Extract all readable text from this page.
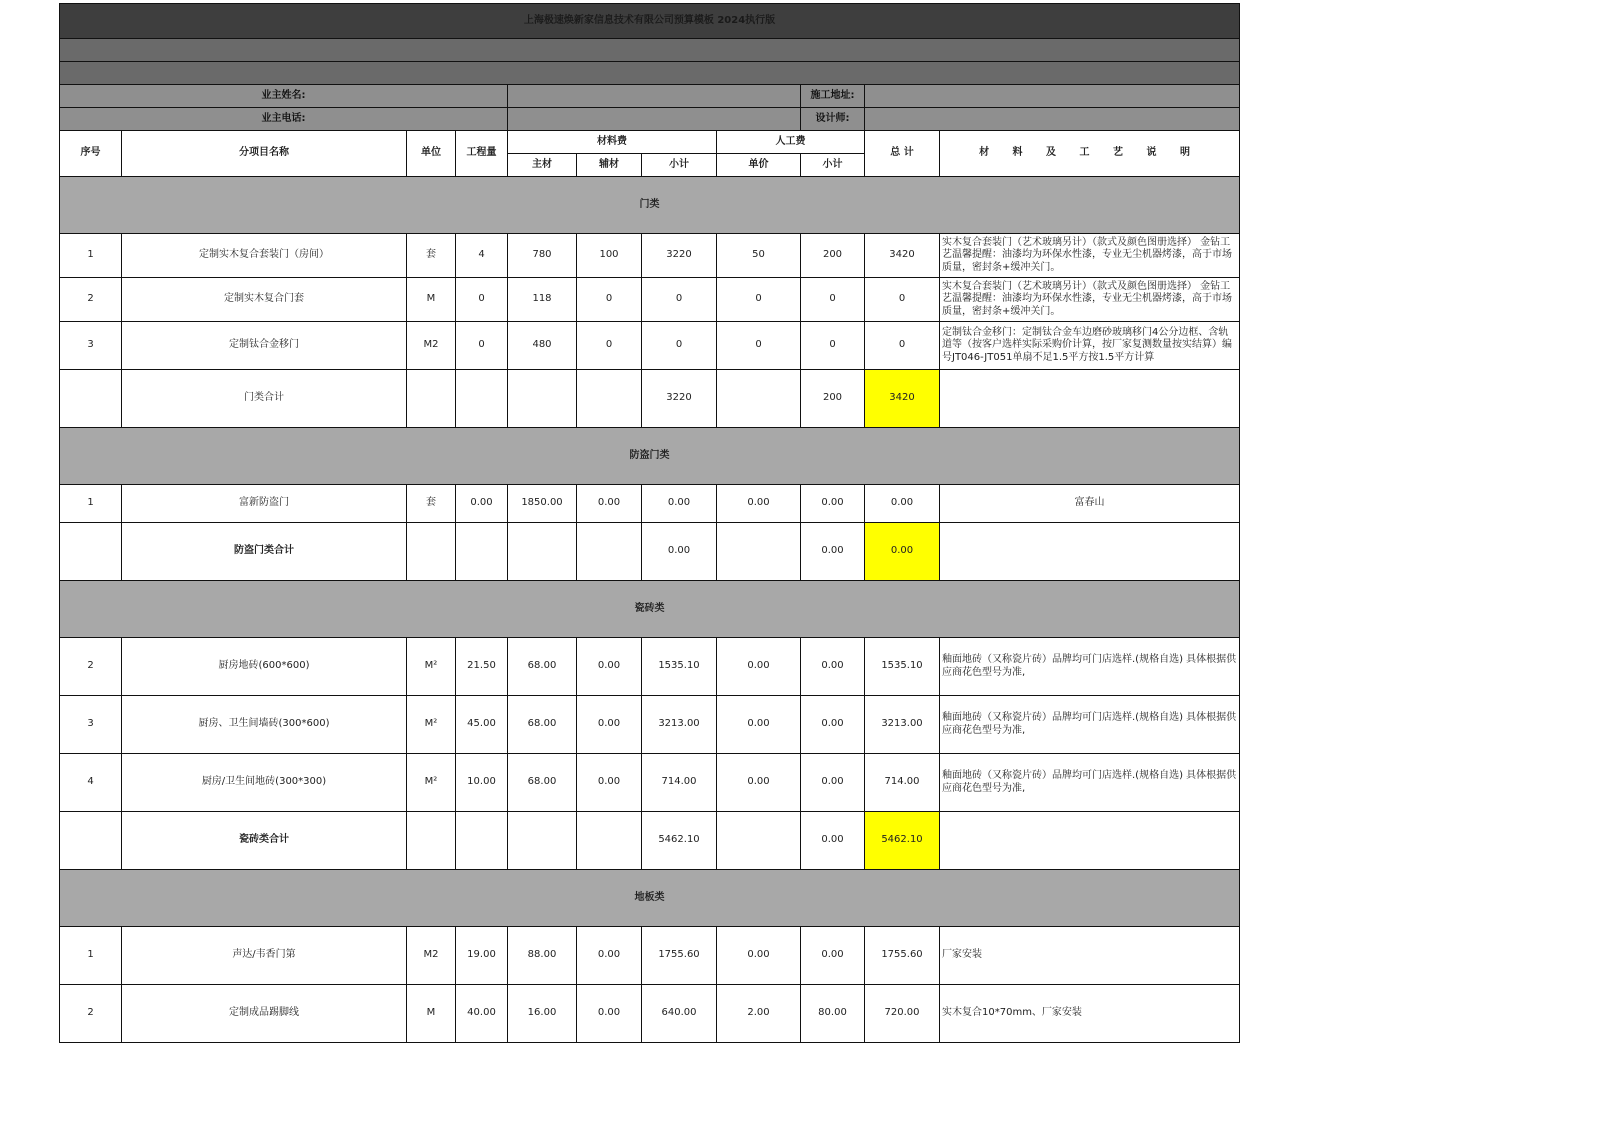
上海极速焕新家信息技术有限公司预算模板 2024执行版										

业主姓名:								施工地址:		
业主电话:								设计师:		
序号	分项目名称	单位	工程量	材料费			人工费		总 计	材 料 及 工 艺 说 明
				主材	辅材	小计	单价	小计		
门类										
1	定制实木复合套装门（房间）	套	4	780	100	3220	50	200	3420	实木复合套装门（艺术玻璃另计）（款式及颜色图册选择） 金钻工艺温馨提醒：油漆均为环保水性漆，专业无尘机器烤漆，高于市场质量，密封条+缓冲关门。
2	定制实木复合门套	M	0	118	0	0	0	0	0	实木复合套装门（艺术玻璃另计）（款式及颜色图册选择） 金钻工艺温馨提醒：油漆均为环保水性漆，专业无尘机器烤漆，高于市场质量，密封条+缓冲关门。
3	定制钛合金移门	M2	0	480	0	0	0	0	0	定制钛合金移门：定制钛合金车边磨砂玻璃移门4公分边框、含轨道等（按客户选样实际采购价计算，按厂家复测数量按实结算）编号JT046-JT051单扇不足1.5平方按1.5平方计算
	门类合计					3220		200	3420	
防盗门类										
1	富新防盗门	套	0.00	1850.00	0.00	0.00	0.00	0.00	0.00	富春山
	防盗门类合计					0.00		0.00	0.00	
瓷砖类										
2	厨房地砖(600*600)	M²	21.50	68.00	0.00	1535.10	0.00	0.00	1535.10	釉面地砖（又称瓷片砖）品牌均可门店选样.(规格自选) 具体根据供应商花色型号为准,
3	厨房、卫生间墙砖(300*600)	M²	45.00	68.00	0.00	3213.00	0.00	0.00	3213.00	釉面地砖（又称瓷片砖）品牌均可门店选样.(规格自选) 具体根据供应商花色型号为准,
4	厨房/卫生间地砖(300*300)	M²	10.00	68.00	0.00	714.00	0.00	0.00	714.00	釉面地砖（又称瓷片砖）品牌均可门店选样.(规格自选) 具体根据供应商花色型号为准,
	瓷砖类合计					5462.10		0.00	5462.10	
地板类										
1	声达/韦香门第	M2	19.00	88.00	0.00	1755.60	0.00	0.00	1755.60	厂家安装
2	定制成品踢脚线	M	40.00	16.00	0.00	640.00	2.00	80.00	720.00	实木复合10*70mm、厂家安装
